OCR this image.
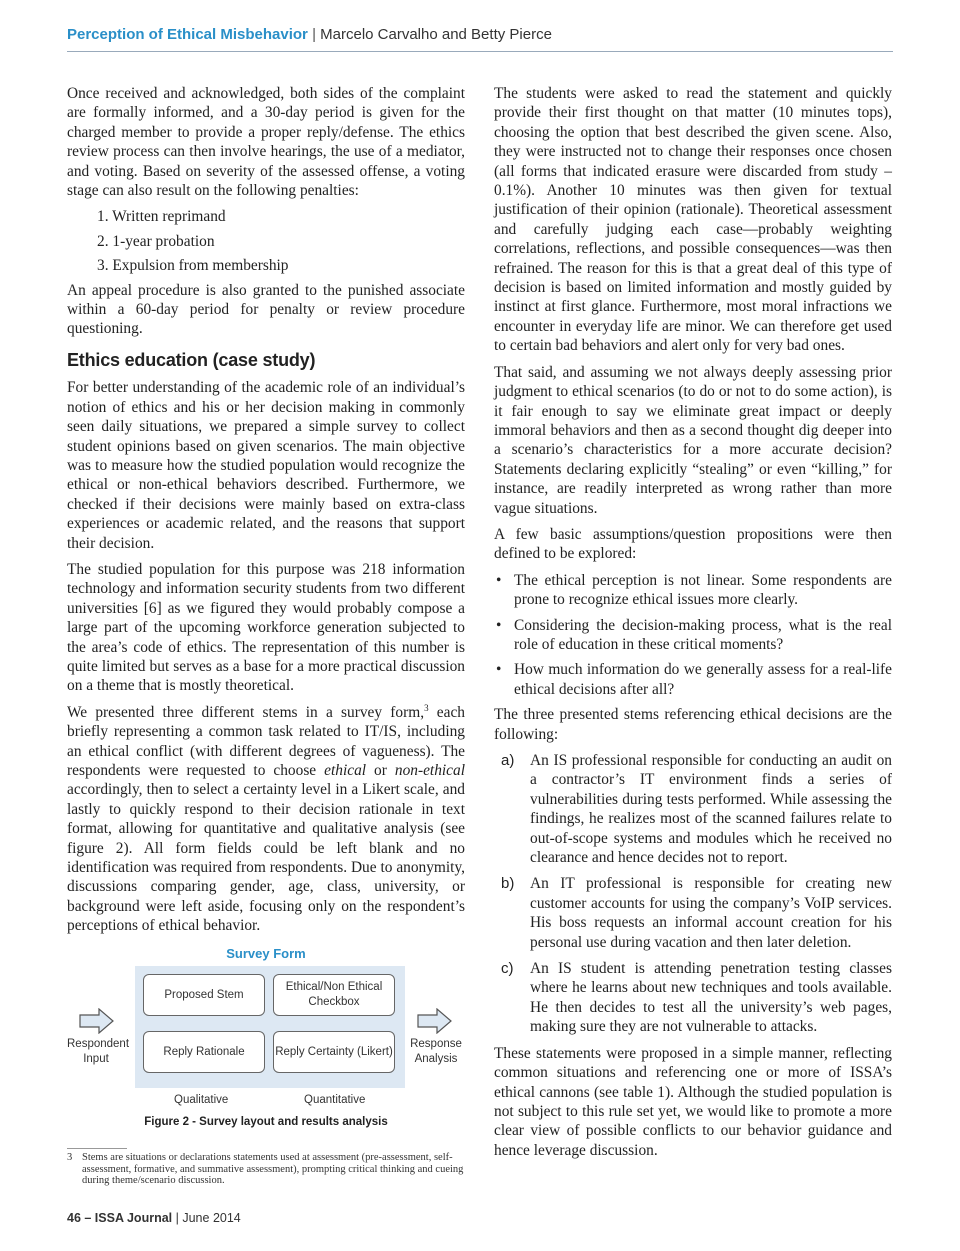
Perception of Ethical Misbehavior | Marcelo Carvalho and Betty Pierce

Once received and acknowledged, both sides of the complaint are formally informed, and a 30-day period is given for the charged member to provide a proper reply/defense. The ethics review process can then involve hearings, the use of a mediator, and voting. Based on severity of the assessed offense, a voting stage can also result on the following penalties:

1. Written reprimand
2. 1-year probation
3. Expulsion from membership

An appeal procedure is also granted to the punished associate within a 60-day period for penalty or review procedure questioning.

Ethics education (case study)

For better understanding of the academic role of an individual’s notion of ethics and his or her decision making in commonly seen daily situations, we prepared a simple survey to collect student opinions based on given scenarios. The main objective was to measure how the studied population would recognize the ethical or non-ethical behaviors described. Furthermore, we checked if their decisions were mainly based on extra-class experiences or academic related, and the reasons that support their decision.

The studied population for this purpose was 218 information technology and information security students from two different universities [6] as we figured they would probably compose a large part of the upcoming workforce generation subjected to the area’s code of ethics. The representation of this number is quite limited but serves as a base for a more practical discussion on a theme that is mostly theoretical.

We presented three different stems in a survey form,$^3$ each briefly representing a common task related to IT/IS, including an ethical conflict (with different degrees of vagueness). The respondents were requested to choose ethical or non-ethical accordingly, then to select a certainty level in a Likert scale, and lastly to quickly respond to their decision rationale in text format, allowing for quantitative and qualitative analysis (see figure 2). All form fields could be left blank and no identification was required from respondents. Due to anonymity, discussions comparing gender, age, class, university, or background were left aside, focusing only on the respondent’s perceptions of ethical behavior.

Survey Form
Proposed Stem
Ethical/Non Ethical Checkbox
Reply Rationale	Reply Certainty (Likert)
Respondent Input
Response Analysis
Qualitative	Quantitative
Figure 2 - Survey layout and results analysis
3 Stems are situations or declarations statements used at assessment (pre-assessment, self-assessment, formative, and summative assessment), prompting critical thinking and cueing during theme/scenario discussion.
46 – ISSA Journal | June 2014

The students were asked to read the statement and quickly provide their first thought on that matter (10 minutes tops), choosing the option that best described the given scene. Also, they were instructed not to change their responses once chosen (all forms that indicated erasure were discarded from study – 0.1%). Another 10 minutes was then given for textual justification of their opinion (rationale). Theoretical assessment and carefully judging each case—probably weighting correlations, reflections, and possible consequences—was then refrained. The reason for this is that a great deal of this type of decision is based on limited information and mostly guided by instinct at first glance. Furthermore, most moral infractions we encounter in everyday life are minor. We can therefore get used to certain bad behaviors and alert only for very bad ones.

That said, and assuming we not always deeply assessing prior judgment to ethical scenarios (to do or not to do some action), is it fair enough to say we eliminate great impact or deeply immoral behaviors and then as a second thought dig deeper into a scenario’s characteristics for a more accurate decision? Statements declaring explicitly “stealing” or even “killing,” for instance, are readily interpreted as wrong rather than more vague situations.

A few basic assumptions/question propositions were then defined to be explored:

• The ethical perception is not linear. Some respondents are prone to recognize ethical issues more clearly.
• Considering the decision-making process, what is the real role of education in these critical moments?
• How much information do we generally assess for a real-life ethical decisions after all?

The three presented stems referencing ethical decisions are the following:

a) An IS professional responsible for conducting an audit on a contractor’s IT environment finds a series of vulnerabilities during tests performed. While assessing the findings, he realizes most of the scanned failures relate to out-of-scope systems and modules which he received no clearance and hence decides not to report.
b) An IT professional is responsible for creating new customer accounts for using the company’s VoIP services. His boss requests an informal account creation for his personal use during vacation and then later deletion.
c) An IS student is attending penetration testing classes where he learns about new techniques and tools available. He then decides to test all the university’s web pages, making sure they are not vulnerable to attacks.

These statements were proposed in a simple manner, reflecting common situations and referencing one or more of ISSA’s ethical cannons (see table 1). Although the studied population is not subject to this rule set yet, we would like to promote a more clear view of possible conflicts to our behavior guidance and hence leverage discussion.
